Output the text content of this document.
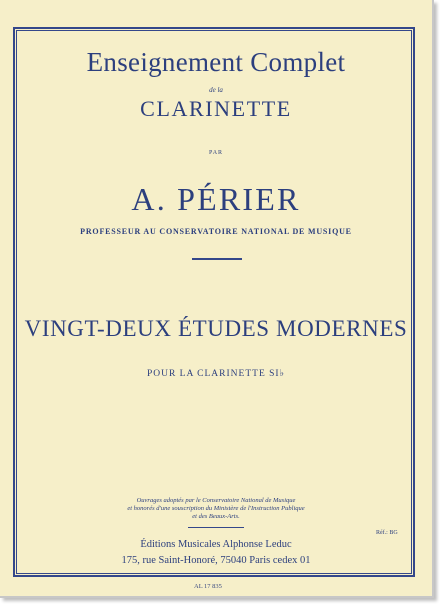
Enseignement Complet
de la
CLARINETTE
par
A. PÉRIER
PROFESSEUR AU CONSERVATOIRE NATIONAL DE MUSIQUE
VINGT-DEUX ÉTUDES MODERNES
POUR LA CLARINETTE SI♭
Ouvrages adoptés par le Conservatoire National de Musique
et honorés d'une souscription du Ministère de l'Instruction Publique
et des Beaux-Arts.
Réf.: BG
Éditions Musicales Alphonse Leduc
175, rue Saint-Honoré, 75040 Paris cedex 01
AL 17 835
